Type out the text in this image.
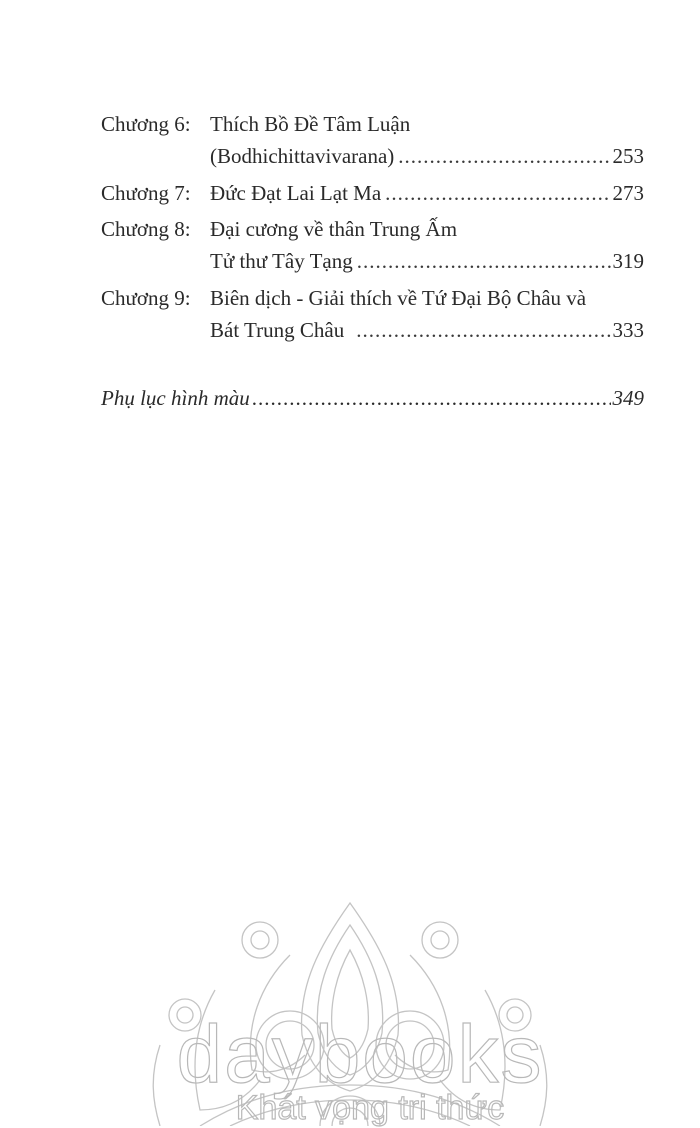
Chương 6: Thích Bồ Đề Tâm Luận
(Bodhichittavivarana) .....	253
Chương 7: Đức Đạt Lai Lạt Ma .....	273
Chương 8: Đại cương về thân Trung Ấm
Tử thư Tây Tạng .....	319
Chương 9: Biên dịch - Giải thích về Tứ Đại Bộ Châu và
Bát Trung Châu .....	333
Phụ lục hình màu .....	349
daybooks
Khát vọng tri thức
